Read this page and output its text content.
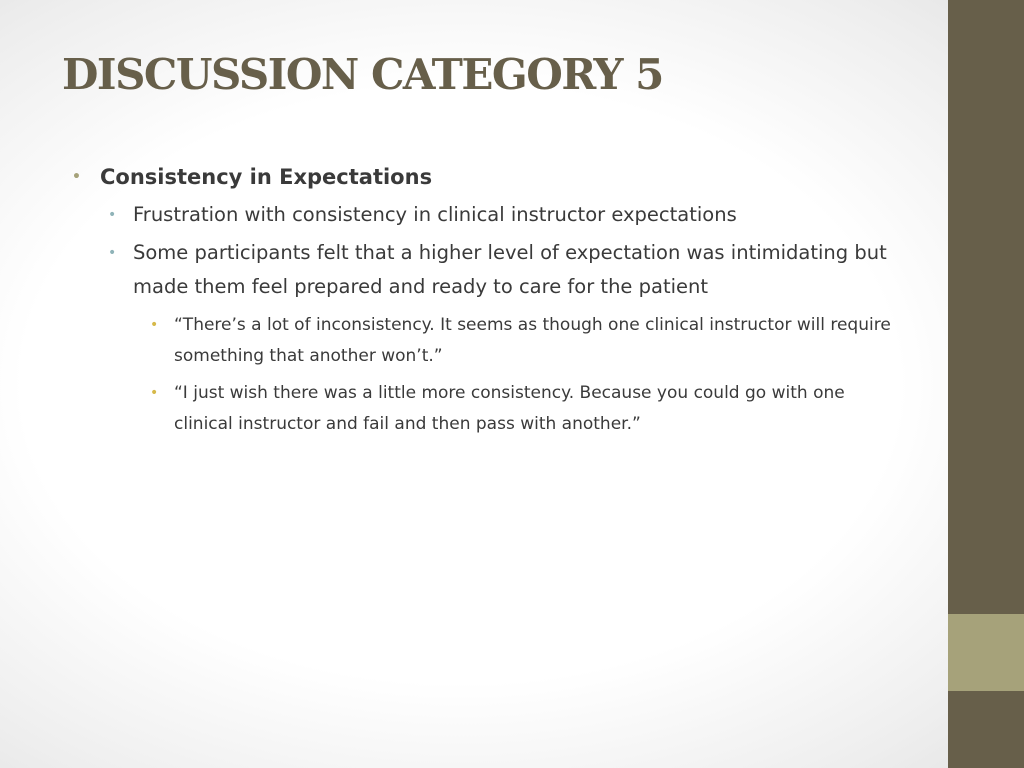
DISCUSSION CATEGORY 5
• Consistency in Expectations
• Frustration with consistency in clinical instructor expectations
• Some participants felt that a higher level of expectation was intimidating but made them feel prepared and ready to care for the patient
• “There’s a lot of inconsistency. It seems as though one clinical instructor will require something that another won’t.”
• “I just wish there was a little more consistency. Because you could go with one clinical instructor and fail and then pass with another.”
